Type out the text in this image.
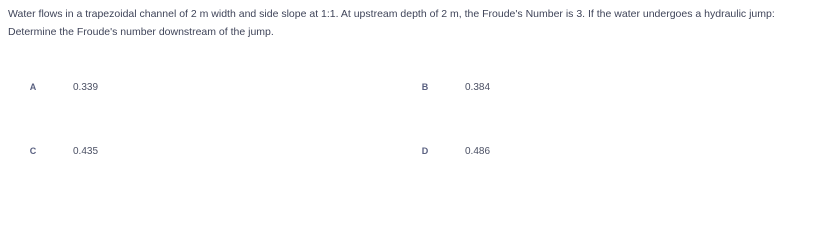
Water flows in a trapezoidal channel of 2 m width and side slope at 1:1. At upstream depth of 2 m, the Froude's Number is 3. If the water undergoes a hydraulic jump: Determine the Froude's number downstream of the jump.
A	0.339	B	0.384
C	0.435	D	0.486
